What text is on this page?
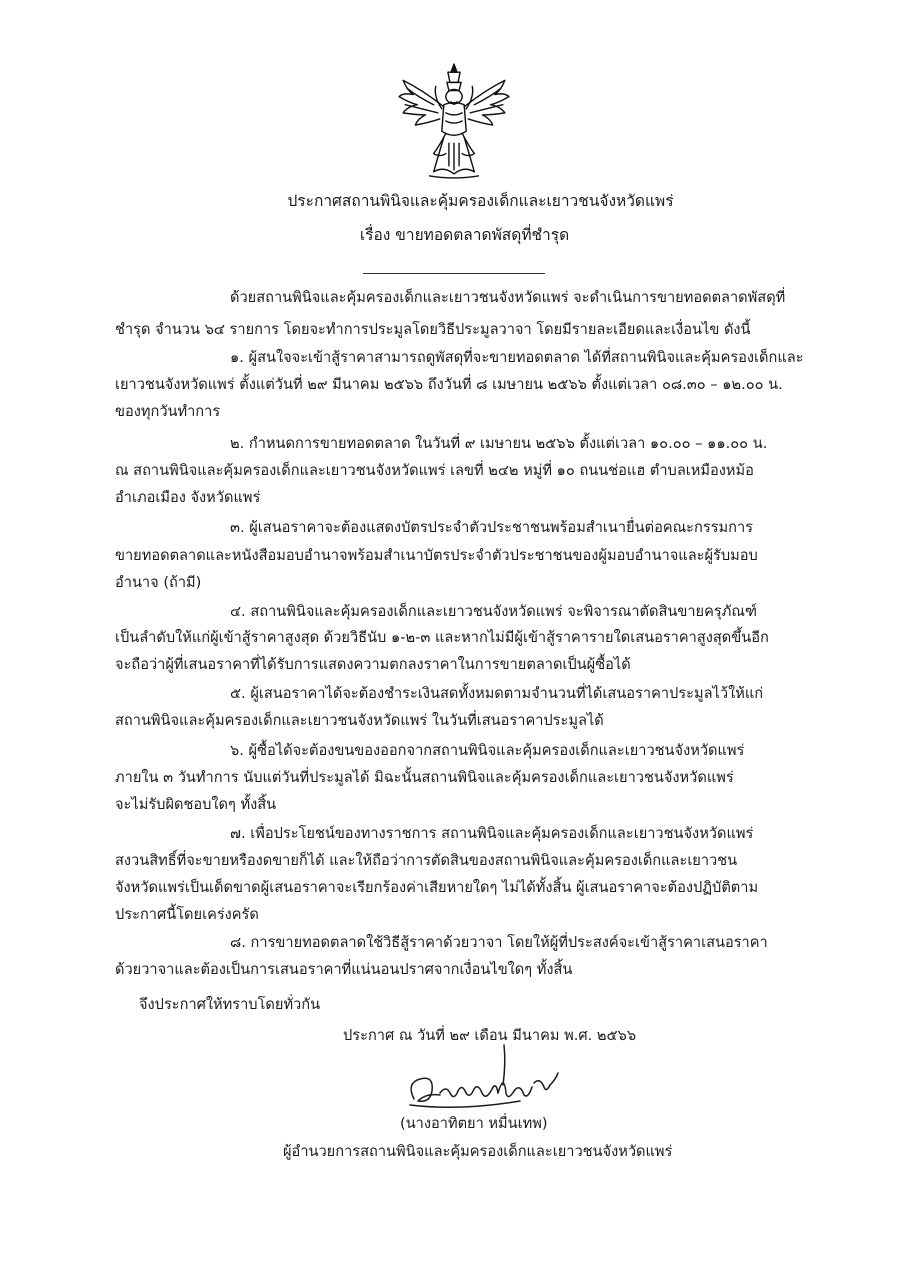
ประกาศสถานพินิจและคุ้มครองเด็กและเยาวชนจังหวัดแพร่
เรื่อง ขายทอดตลาดพัสดุที่ชำรุด
ด้วยสถานพินิจและคุ้มครองเด็กและเยาวชนจังหวัดแพร่ จะดำเนินการขายทอดตลาดพัสดุที่
ชำรุด จำนวน ๖๔ รายการ โดยจะทำการประมูลโดยวิธีประมูลวาจา โดยมีรายละเอียดและเงื่อนไข ดังนี้
๑. ผู้สนใจจะเข้าสู้ราคาสามารถดูพัสดุที่จะขายทอดตลาด ได้ที่สถานพินิจและคุ้มครองเด็กและ
เยาวชนจังหวัดแพร่ ตั้งแต่วันที่ ๒๙ มีนาคม ๒๕๖๖ ถึงวันที่ ๘ เมษายน ๒๕๖๖ ตั้งแต่เวลา ๐๘.๓๐ – ๑๒.๐๐ น.
ของทุกวันทำการ
๒. กำหนดการขายทอดตลาด ในวันที่ ๙ เมษายน ๒๕๖๖ ตั้งแต่เวลา ๑๐.๐๐ – ๑๑.๐๐ น.
ณ สถานพินิจและคุ้มครองเด็กและเยาวชนจังหวัดแพร่ เลขที่ ๒๔๒ หมู่ที่ ๑๐ ถนนช่อแฮ ตำบลเหมืองหม้อ
อำเภอเมือง จังหวัดแพร่
๓. ผู้เสนอราคาจะต้องแสดงบัตรประจำตัวประชาชนพร้อมสำเนายื่นต่อคณะกรรมการ
ขายทอดตลาดและหนังสือมอบอำนาจพร้อมสำเนาบัตรประจำตัวประชาชนของผู้มอบอำนาจและผู้รับมอบ
อำนาจ (ถ้ามี)
๔. สถานพินิจและคุ้มครองเด็กและเยาวชนจังหวัดแพร่ จะพิจารณาตัดสินขายครุภัณฑ์
เป็นลำดับให้แก่ผู้เข้าสู้ราคาสูงสุด ด้วยวิธีนับ ๑-๒-๓ และหากไม่มีผู้เข้าสู้ราคารายใดเสนอราคาสูงสุดขึ้นอีก
จะถือว่าผู้ที่เสนอราคาที่ได้รับการแสดงความตกลงราคาในการขายตลาดเป็นผู้ซื้อได้
๕. ผู้เสนอราคาได้จะต้องชำระเงินสดทั้งหมดตามจำนวนที่ได้เสนอราคาประมูลไว้ให้แก่
สถานพินิจและคุ้มครองเด็กและเยาวชนจังหวัดแพร่ ในวันที่เสนอราคาประมูลได้
๖. ผู้ซื้อได้จะต้องขนของออกจากสถานพินิจและคุ้มครองเด็กและเยาวชนจังหวัดแพร่
ภายใน ๓ วันทำการ นับแต่วันที่ประมูลได้ มิฉะนั้นสถานพินิจและคุ้มครองเด็กและเยาวชนจังหวัดแพร่
จะไม่รับผิดชอบใดๆ ทั้งสิ้น
๗. เพื่อประโยชน์ของทางราชการ สถานพินิจและคุ้มครองเด็กและเยาวชนจังหวัดแพร่
สงวนสิทธิ์ที่จะขายหรืองดขายก็ได้ และให้ถือว่าการตัดสินของสถานพินิจและคุ้มครองเด็กและเยาวชน
จังหวัดแพร่เป็นเด็ดขาดผู้เสนอราคาจะเรียกร้องค่าเสียหายใดๆ ไม่ได้ทั้งสิ้น ผู้เสนอราคาจะต้องปฏิบัติตาม
ประกาศนี้โดยเคร่งครัด
๘. การขายทอดตลาดใช้วิธีสู้ราคาด้วยวาจา โดยให้ผู้ที่ประสงค์จะเข้าสู้ราคาเสนอราคา
ด้วยวาจาและต้องเป็นการเสนอราคาที่แน่นอนปราศจากเงื่อนไขใดๆ ทั้งสิ้น
จึงประกาศให้ทราบโดยทั่วกัน
ประกาศ ณ วันที่ ๒๙ เดือน มีนาคม พ.ศ. ๒๕๖๖
(นางอาทิตยา หมื่นเทพ)
ผู้อำนวยการสถานพินิจและคุ้มครองเด็กและเยาวชนจังหวัดแพร่
